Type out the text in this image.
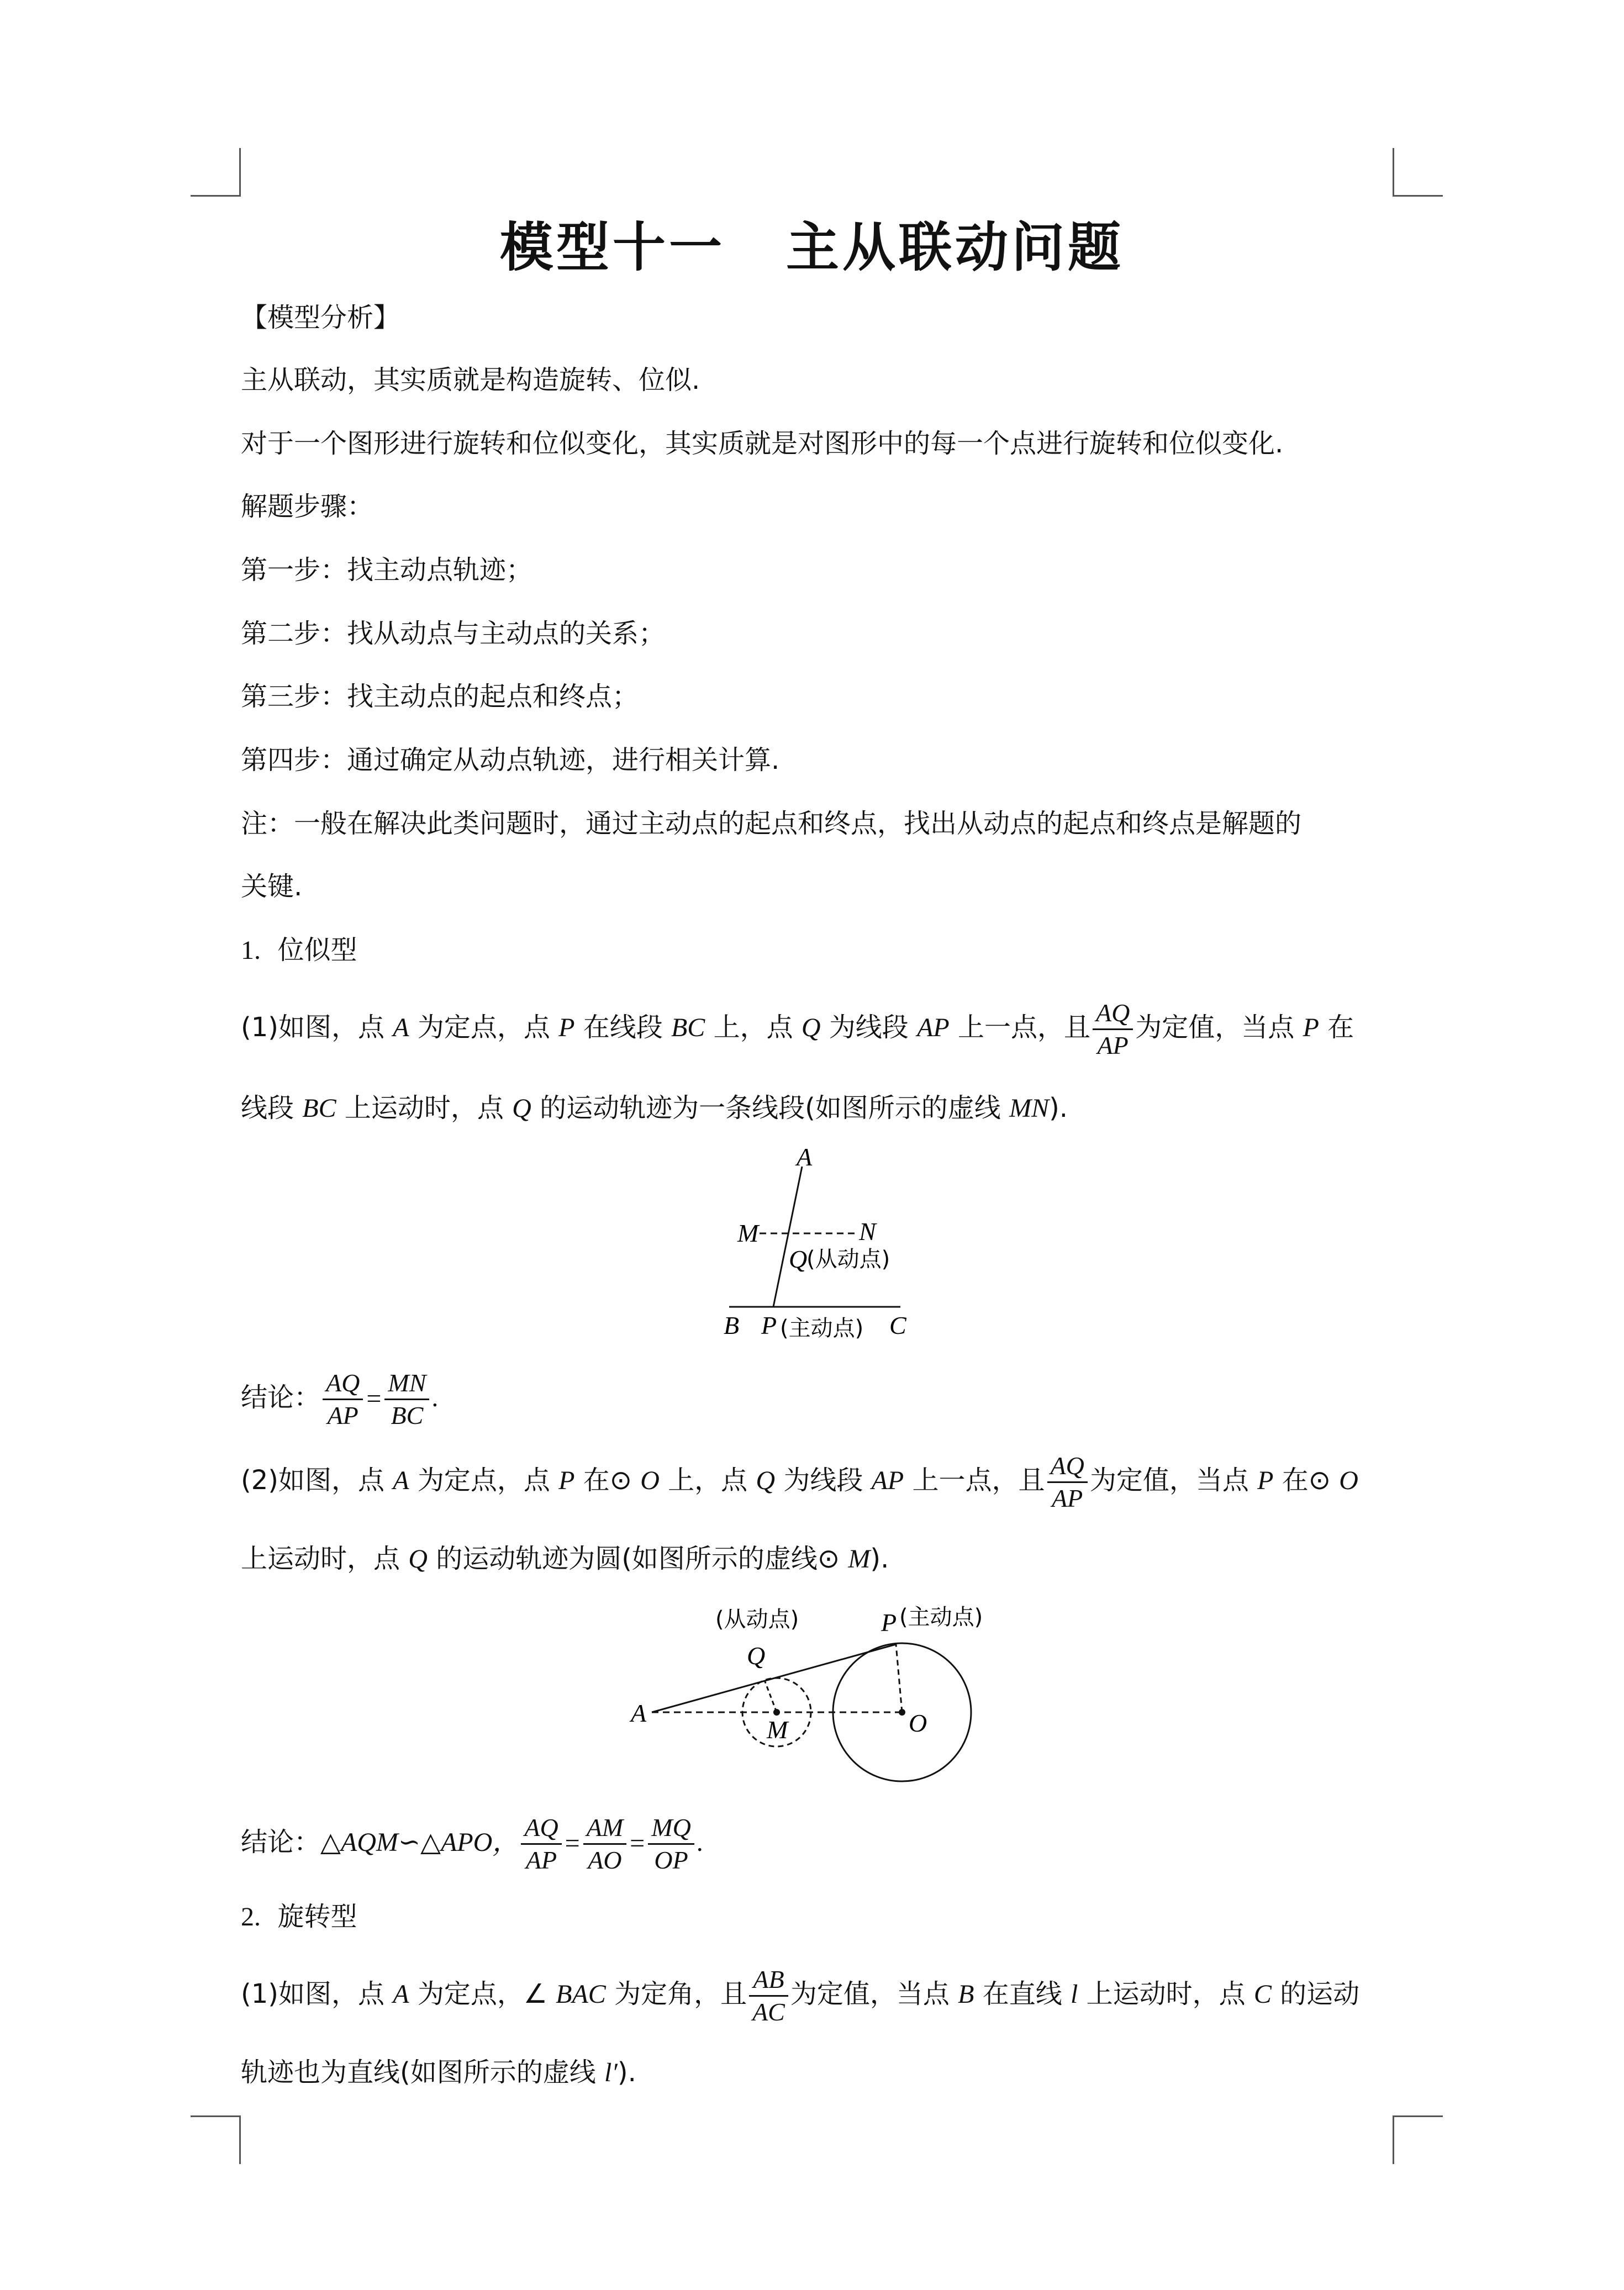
模型十一 主从联动问题
【模型分析】
主从联动，其实质就是构造旋转、位似.
对于一个图形进行旋转和位似变化，其实质就是对图形中的每一个点进行旋转和位似变化.
解题步骤：
第一步：找主动点轨迹；
第二步：找从动点与主动点的关系；
第三步：找主动点的起点和终点；
第四步：通过确定从动点轨迹，进行相关计算.
注：一般在解决此类问题时，通过主动点的起点和终点，找出从动点的起点和终点是解题的
关键.
1. 位似型
(1)如图，点 A 为定点，点 P 在线段 BC 上，点 Q 为线段 AP 上一点，且 $\frac{AQ}{AP}$ 为定值，当点 P 在
线段 BC 上运动时，点 Q 的运动轨迹为一条线段(如图所示的虚线 MN).
A
M	N
Q
(从动点)
B P (主动点) C
结论： $\frac{AQ}{AP} = \frac{MN}{BC}$ .
(2)如图，点 A 为定点，点 P 在⊙ O 上，点 Q 为线段 AP 上一点，且 $\frac{AQ}{AP}$ 为定值，当点 P 在⊙ O
上运动时，点 Q 的运动轨迹为圆(如图所示的虚线⊙ M).
(从动点)	P (主动点)
Q
A
M	O
结论：△AQM∽△APO， $\frac{AQ}{AP} = \frac{AM}{AO} = \frac{MQ}{OP}$ .
2. 旋转型
(1)如图，点 A 为定点，∠ BAC 为定角，且 $\frac{AB}{AC}$ 为定值，当点 B 在直线 l 上运动时，点 C 的运动
轨迹也为直线(如图所示的虚线 l′).
